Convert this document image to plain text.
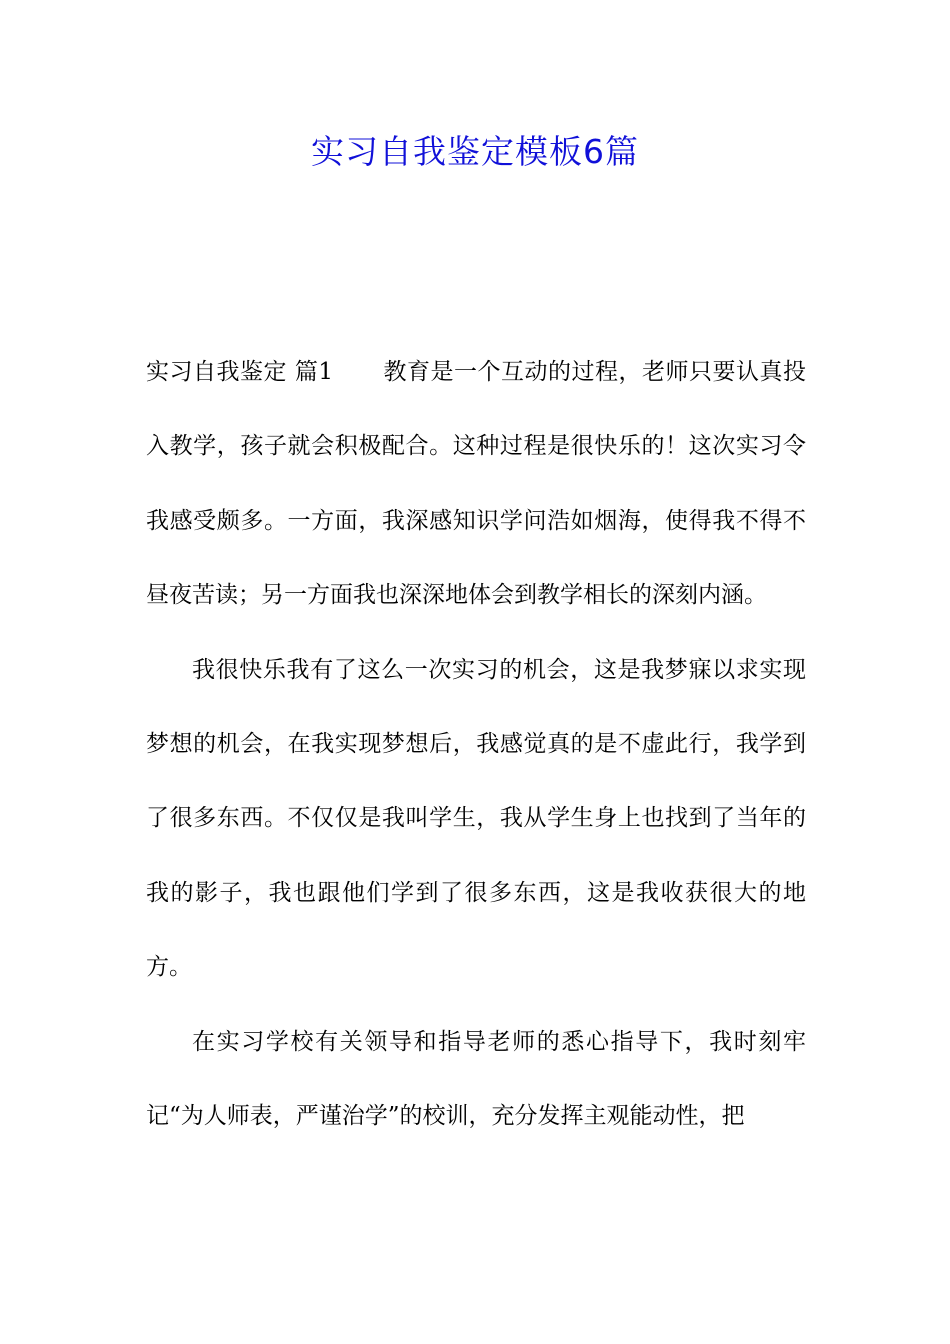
实习自我鉴定模板6篇

实习自我鉴定 篇1 教育是一个互动的过程，老师只要认真投入教学，孩子就会积极配合。这种过程是很快乐的！这次实习令我感受颇多。一方面，我深感知识学问浩如烟海，使得我不得不昼夜苦读；另一方面我也深深地体会到教学相长的深刻内涵。

我很快乐我有了这么一次实习的机会，这是我梦寐以求实现梦想的机会，在我实现梦想后，我感觉真的是不虚此行，我学到了很多东西。不仅仅是我叫学生，我从学生身上也找到了当年的我的影子，我也跟他们学到了很多东西，这是我收获很大的地方。

在实习学校有关领导和指导老师的悉心指导下，我时刻牢记“为人师表，严谨治学”的校训，充分发挥主观能动性，把
